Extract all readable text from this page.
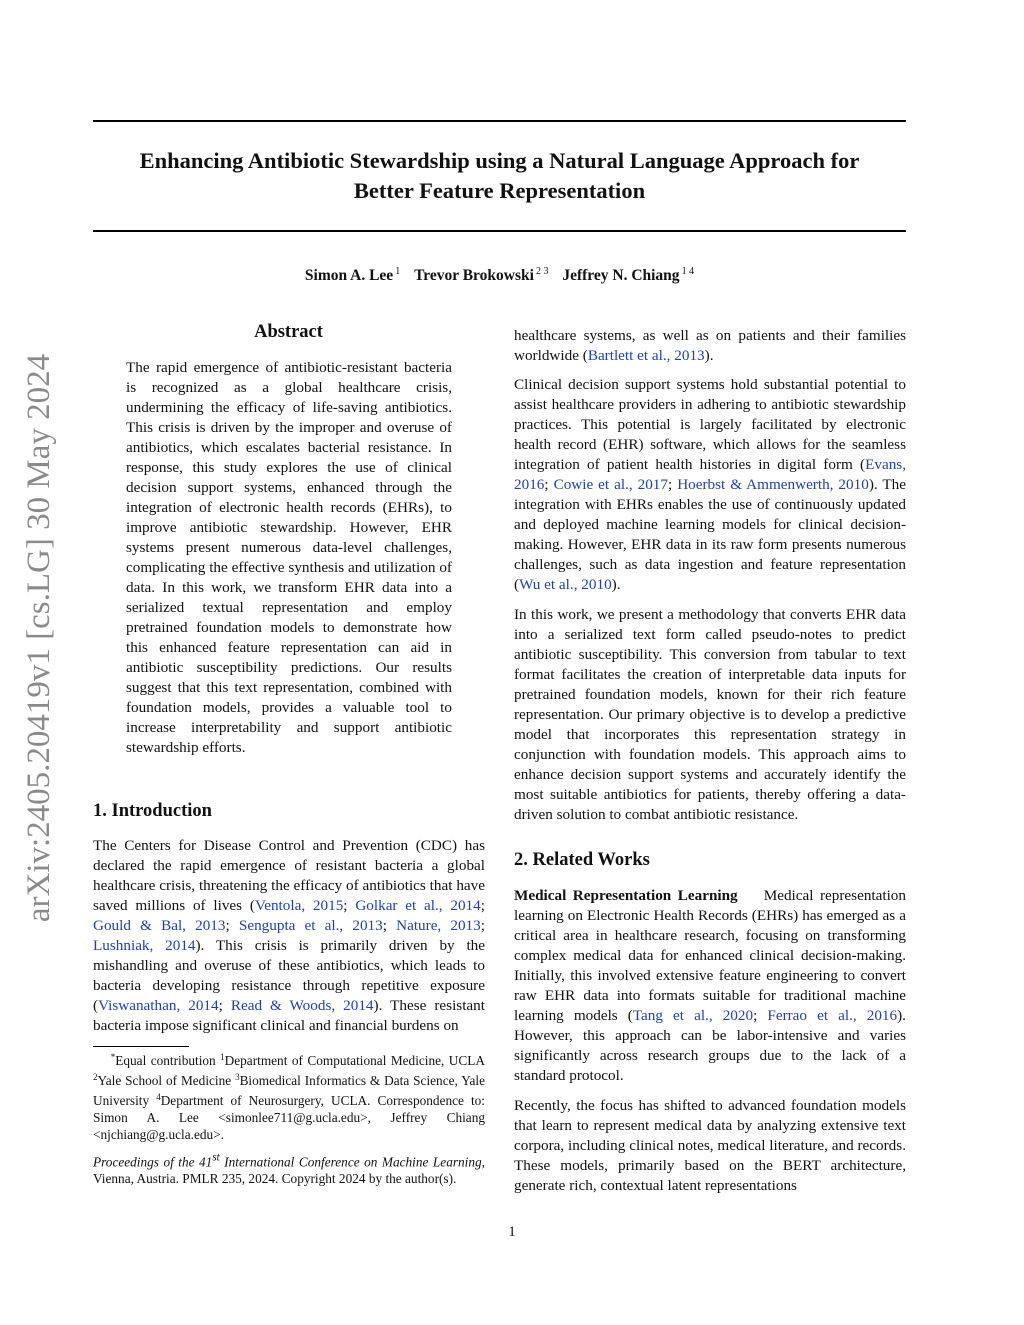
Enhancing Antibiotic Stewardship using a Natural Language Approach for
Better Feature Representation
Simon A. Lee $^1$ Trevor Brokowski $^{2 3}$ Jeffrey N. Chiang $^{1 4}$
arXiv:2405.20419v1 [cs.LG] 30 May 2024
Abstract

The rapid emergence of antibiotic-resistant bacteria is recognized as a global healthcare crisis, undermining the efficacy of life-saving antibiotics. This crisis is driven by the improper and overuse of antibiotics, which escalates bacterial resistance. In response, this study explores the use of clinical decision support systems, enhanced through the integration of electronic health records (EHRs), to improve antibiotic stewardship. However, EHR systems present numerous data-level challenges, complicating the effective synthesis and utilization of data. In this work, we transform EHR data into a serialized textual representation and employ pretrained foundation models to demonstrate how this enhanced feature representation can aid in antibiotic susceptibility predictions. Our results suggest that this text representation, combined with foundation models, provides a valuable tool to increase interpretability and support antibiotic stewardship efforts.

1. Introduction

The Centers for Disease Control and Prevention (CDC) has declared the rapid emergence of resistant bacteria a global healthcare crisis, threatening the efficacy of antibiotics that have saved millions of lives (Ventola, 2015; Golkar et al., 2014; Gould & Bal, 2013; Sengupta et al., 2013; Nature, 2013; Lushniak, 2014). This crisis is primarily driven by the mishandling and overuse of these antibiotics, which leads to bacteria developing resistance through repetitive exposure (Viswanathan, 2014; Read & Woods, 2014). These resistant bacteria impose significant clinical and financial burdens on

*Equal contribution $^1$Department of Computational Medicine, UCLA $^2$Yale School of Medicine $^3$Biomedical Informatics & Data Science, Yale University $^4$Department of Neurosurgery, UCLA. Correspondence to: Simon A. Lee <simonlee711@g.ucla.edu>, Jeffrey Chiang <njchiang@g.ucla.edu>.
Proceedings of the 41st International Conference on Machine Learning, Vienna, Austria. PMLR 235, 2024. Copyright 2024 by the author(s).

healthcare systems, as well as on patients and their families worldwide (Bartlett et al., 2013).

Clinical decision support systems hold substantial potential to assist healthcare providers in adhering to antibiotic stewardship practices. This potential is largely facilitated by electronic health record (EHR) software, which allows for the seamless integration of patient health histories in digital form (Evans, 2016; Cowie et al., 2017; Hoerbst & Ammenwerth, 2010). The integration with EHRs enables the use of continuously updated and deployed machine learning models for clinical decision-making. However, EHR data in its raw form presents numerous challenges, such as data ingestion and feature representation (Wu et al., 2010).

In this work, we present a methodology that converts EHR data into a serialized text form called pseudo-notes to predict antibiotic susceptibility. This conversion from tabular to text format facilitates the creation of interpretable data inputs for pretrained foundation models, known for their rich feature representation. Our primary objective is to develop a predictive model that incorporates this representation strategy in conjunction with foundation models. This approach aims to enhance decision support systems and accurately identify the most suitable antibiotics for patients, thereby offering a data-driven solution to combat antibiotic resistance.

2. Related Works

Medical Representation Learning Medical representation learning on Electronic Health Records (EHRs) has emerged as a critical area in healthcare research, focusing on transforming complex medical data for enhanced clinical decision-making. Initially, this involved extensive feature engineering to convert raw EHR data into formats suitable for traditional machine learning models (Tang et al., 2020; Ferrao et al., 2016). However, this approach can be labor-intensive and varies significantly across research groups due to the lack of a standard protocol.

Recently, the focus has shifted to advanced foundation models that learn to represent medical data by analyzing extensive text corpora, including clinical notes, medical literature, and records. These models, primarily based on the BERT architecture, generate rich, contextual latent representations

1
